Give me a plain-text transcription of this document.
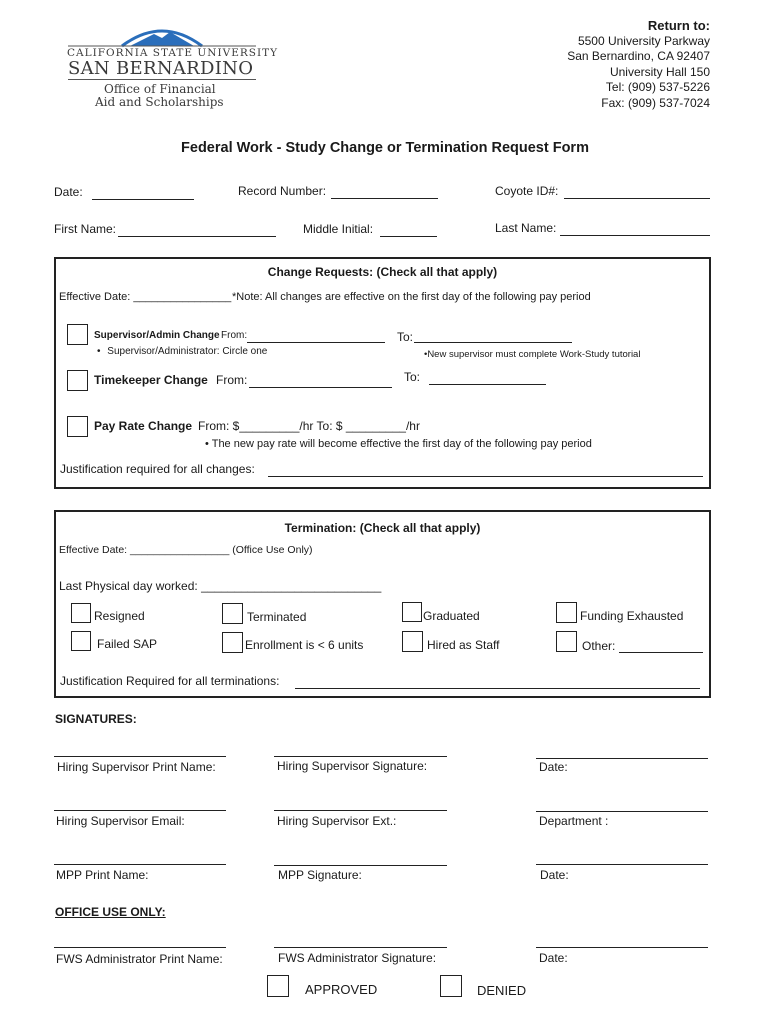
CALIFORNIA STATE UNIVERSITY
SAN BERNARDINO
Office of Financial
Aid and Scholarships
Return to:
5500 University Parkway
San Bernardino, CA 92407
University Hall 150
Tel: (909) 537-5226
Fax: (909) 537-7024
Federal Work - Study Change or Termination Request Form
Date:	Record Number:	Coyote ID#:
First Name:	Middle Initial:	Last Name:
Change Requests: (Check all that apply)
Effective Date: ________________ *Note: All changes are effective on the first day of the following pay period
Supervisor/Admin Change From:	To:
• Supervisor/Administrator: Circle one	•New supervisor must complete Work-Study tutorial
Timekeeper Change From:	To:
Pay Rate Change From: $_________/hr To: $ _________/hr
• The new pay rate will become effective the first day of the following pay period
Justification required for all changes:
Termination: (Check all that apply)
Effective Date: _________________ (Office Use Only)
Last Physical day worked: ___________________________
Resigned	Terminated	Graduated	Funding Exhausted
Failed SAP	Enrollment is < 6 units	Hired as Staff	Other:
Justification Required for all terminations:
SIGNATURES:
Hiring Supervisor Print Name:	Hiring Supervisor Signature:	Date:
Hiring Supervisor Email:	Hiring Supervisor Ext.:	Department :
MPP Print Name:	MPP Signature:	Date:
OFFICE USE ONLY:
FWS Administrator Print Name:	FWS Administrator Signature:	Date:
APPROVED	DENIED
